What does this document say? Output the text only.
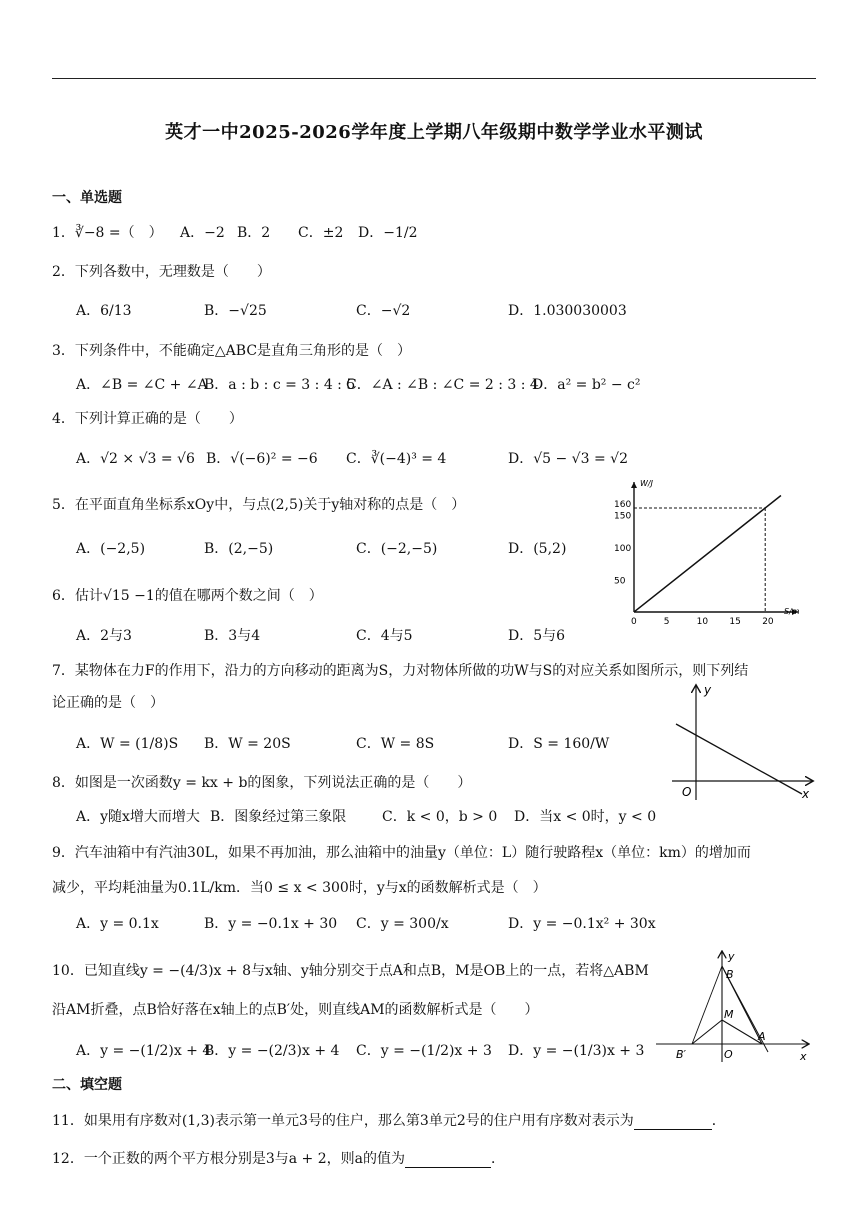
英才一中2025-2026学年度上学期八年级期中数学学业水平测试
一、单选题
1．∛−8 =（　） A．−2 B．2 C．±2 D．−1/2
2．下列各数中，无理数是（　　）
A．6/13	B．−√25	C．−√2	D．1.030030003
3．下列条件中，不能确定△ABC是直角三角形的是（　）
A．∠B = ∠C + ∠A
B．a : b : c = 3 : 4 : 5
C．∠A : ∠B : ∠C = 2 : 3 : 4
D．a² = b² − c²
4．下列计算正确的是（　　）
A．√2 × √3 = √6 B．√(−6)² = −6 C．∛(−4)³ = 4	D．√5 − √3 = √2
5．在平面直角坐标系xOy中，与点(2,5)关于y轴对称的点是（　）
A．(−2,5)	B．(2,−5)	C．(−2,−5)	D．(5,2)
0	5	10 15 20
50
100
150
160
W/J
S/m
6．估计√15 −1的值在哪两个数之间（　）
A．2与3	B．3与4	C．4与5	D．5与6
7．某物体在力F的作用下，沿力的方向移动的距离为S，力对物体所做的功W与S的对应关系如图所示，则下列结
论正确的是（　）
A．W = (1/8)S B．W = 20S	C．W = 8S	D．S = 160/W
y
x
O
8．如图是一次函数y = kx + b的图象，下列说法正确的是（　　）
A．y随x增大而增大 B．图象经过第三象限	C．k < 0，b > 0 D．当x < 0时，y < 0
9．汽车油箱中有汽油30L，如果不再加油，那么油箱中的油量y（单位：L）随行驶路程x（单位：km）的增加而
减少，平均耗油量为0.1L/km．当0 ≤ x < 300时，y与x的函数解析式是（　）
A．y = 0.1x	B．y = −0.1x + 30 C．y = 300/x	D．y = −0.1x² + 30x
y
x
O
A
B
B′
M
10．已知直线y = −(4/3)x + 8与x轴、y轴分别交于点A和点B，M是OB上的一点，若将△ABM
沿AM折叠，点B恰好落在x轴上的点B′处，则直线AM的函数解析式是（　　）
A．y = −(1/2)x + 4
B．y = −(2/3)x + 4 C．y = −(1/2)x + 3 D．y = −(1/3)x + 3
二、填空题
11．如果用有序数对(1,3)表示第一单元3号的住户，那么第3单元2号的住户用有序数对表示为	．
12．一个正数的两个平方根分别是3与a + 2，则a的值为	．
